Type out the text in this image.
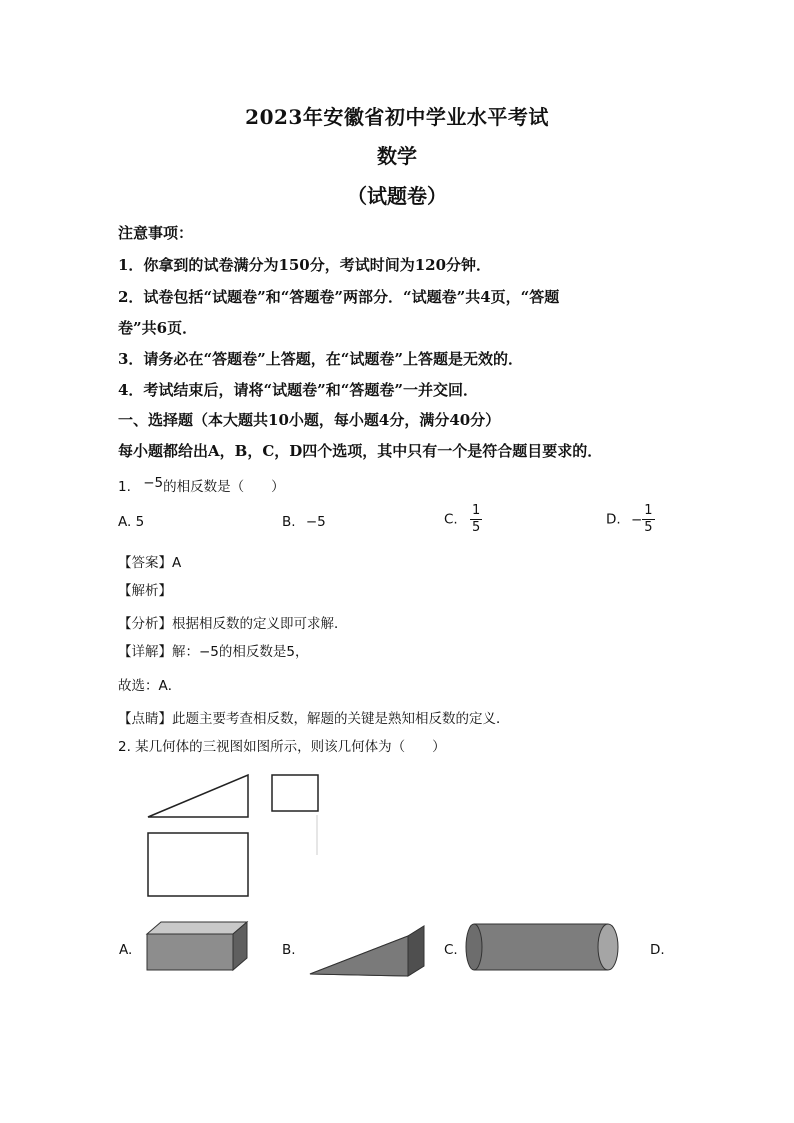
2023年安徽省初中学业水平考试
数学
（试题卷）
注意事项：
1．你拿到的试卷满分为150分，考试时间为120分钟．
2．试卷包括“试题卷”和“答题卷”两部分．“试题卷”共4页，“答题
卷”共6页．
3．请务必在“答题卷”上答题，在“试题卷”上答题是无效的．
4．考试结束后，请将“试题卷”和“答题卷”一并交回．
一、选择题（本大题共10小题，每小题4分，满分40分）
每小题都给出A，B，C，D四个选项，其中只有一个是符合题目要求的．
1. −5的相反数是（　　）
A. 5	B. −5	C. $\frac{1}{5}$	D. − $\frac{1}{5}$
【答案】A
【解析】
【分析】根据相反数的定义即可求解．
【详解】解：−5的相反数是5，
故选：A．
【点睛】此题主要考查相反数，解题的关键是熟知相反数的定义．
2. 某几何体的三视图如图所示，则该几何体为（　　）
A.	B.	C.	D.
